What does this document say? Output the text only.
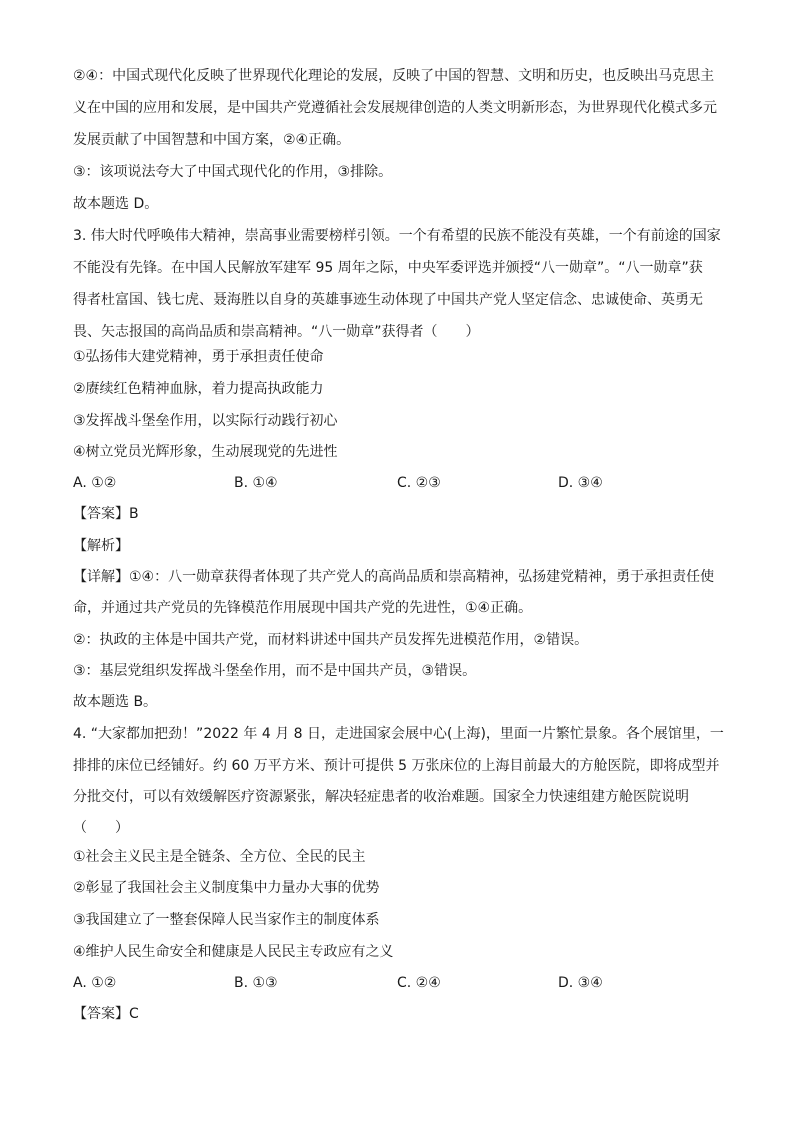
②④：中国式现代化反映了世界现代化理论的发展，反映了中国的智慧、文明和历史，也反映出马克思主
义在中国的应用和发展，是中国共产党遵循社会发展规律创造的人类文明新形态，为世界现代化模式多元
发展贡献了中国智慧和中国方案，②④正确。
③：该项说法夸大了中国式现代化的作用，③排除。
故本题选 D。
3. 伟大时代呼唤伟大精神，崇高事业需要榜样引领。一个有希望的民族不能没有英雄，一个有前途的国家
不能没有先锋。在中国人民解放军建军 95 周年之际，中央军委评选并颁授“八一勋章”。“八一勋章”获
得者杜富国、钱七虎、聂海胜以自身的英雄事迹生动体现了中国共产党人坚定信念、忠诚使命、英勇无
畏、矢志报国的高尚品质和崇高精神。“八一勋章”获得者（　　）
①弘扬伟大建党精神，勇于承担责任使命
②赓续红色精神血脉，着力提高执政能力
③发挥战斗堡垒作用，以实际行动践行初心
④树立党员光辉形象，生动展现党的先进性
A. ①②	B. ①④	C. ②③	D. ③④
【答案】B
【解析】
【详解】①④：八一勋章获得者体现了共产党人的高尚品质和崇高精神，弘扬建党精神，勇于承担责任使
命，并通过共产党员的先锋模范作用展现中国共产党的先进性，①④正确。
②：执政的主体是中国共产党，而材料讲述中国共产员发挥先进模范作用，②错误。
③：基层党组织发挥战斗堡垒作用，而不是中国共产员，③错误。
故本题选 B。
4. “大家都加把劲！”2022 年 4 月 8 日，走进国家会展中心(上海)，里面一片繁忙景象。各个展馆里，一
排排的床位已经铺好。约 60 万平方米、预计可提供 5 万张床位的上海目前最大的方舱医院，即将成型并
分批交付，可以有效缓解医疗资源紧张，解决轻症患者的收治难题。国家全力快速组建方舱医院说明
（　　）
①社会主义民主是全链条、全方位、全民的民主
②彰显了我国社会主义制度集中力量办大事的优势
③我国建立了一整套保障人民当家作主的制度体系
④维护人民生命安全和健康是人民民主专政应有之义
A. ①②	B. ①③	C. ②④	D. ③④
【答案】C
